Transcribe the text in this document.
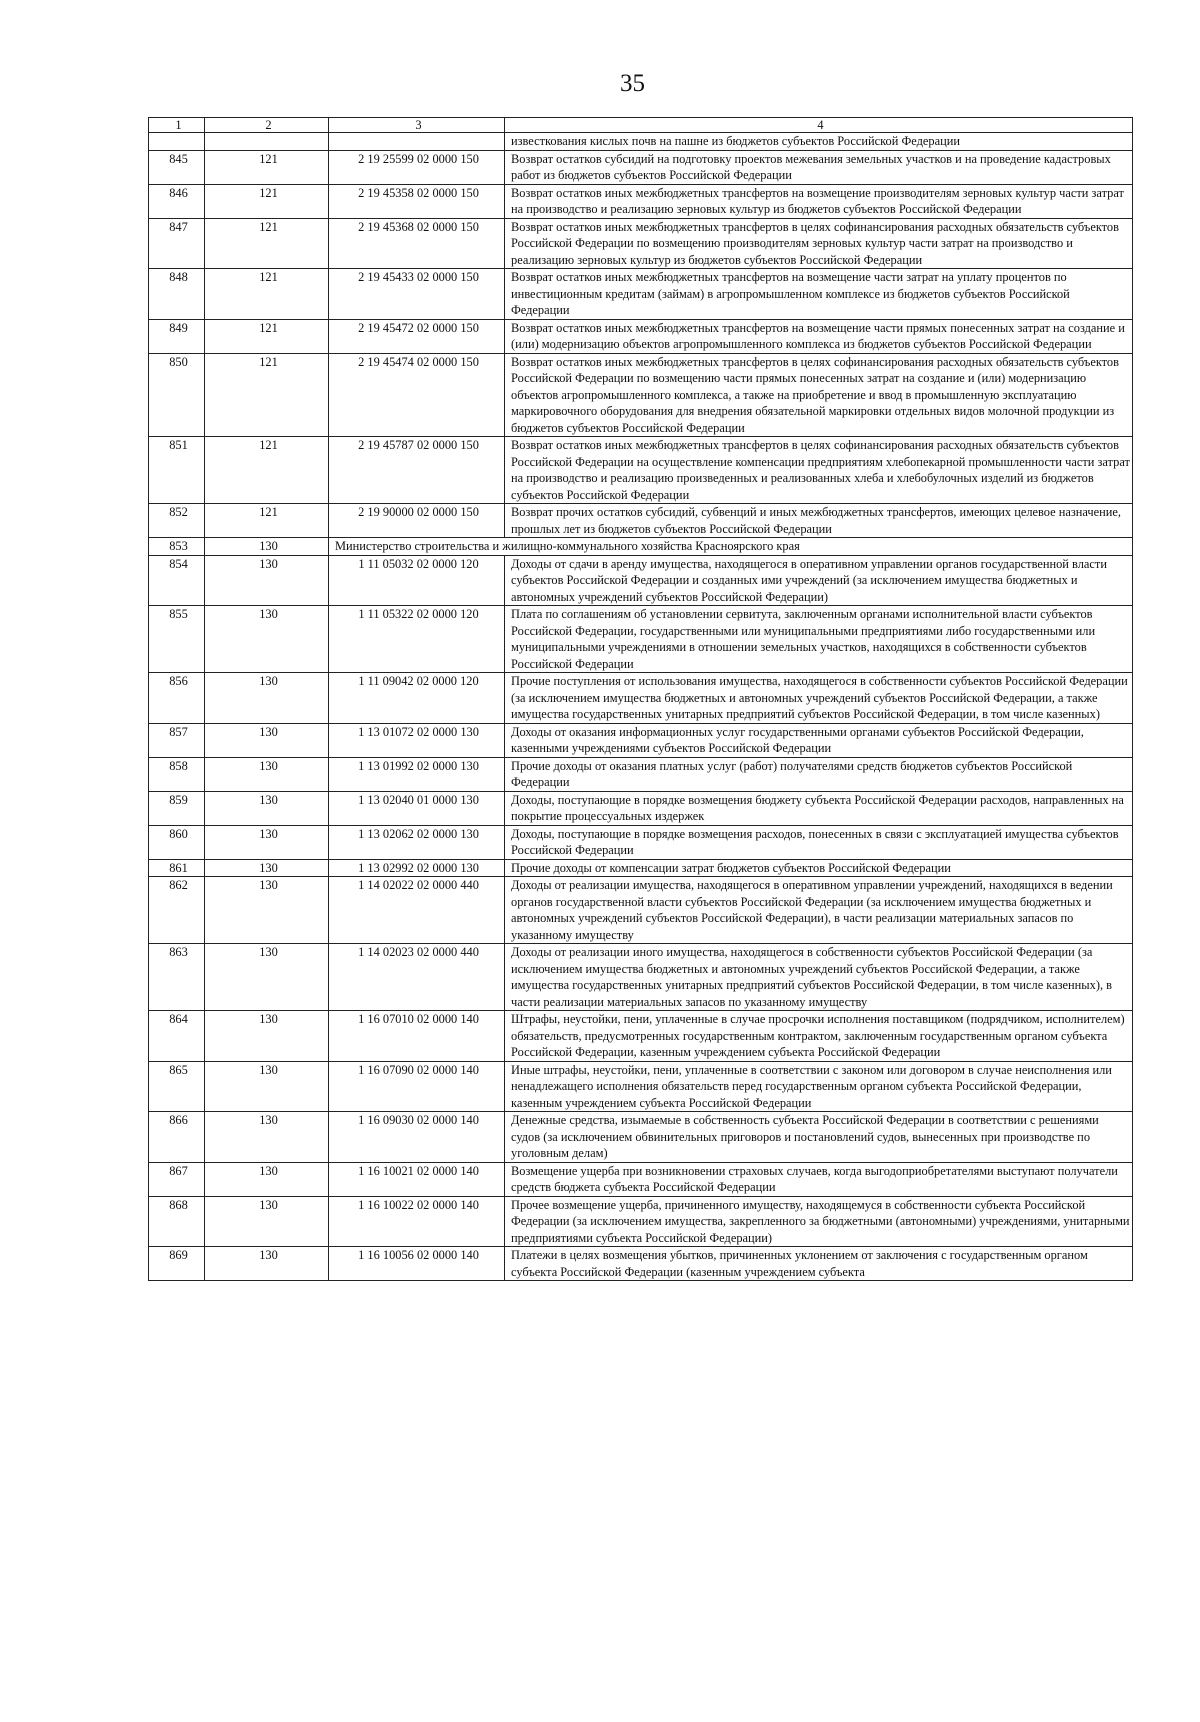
35
1	2	3	4
			известкования кислых почв на пашне из бюджетов субъектов Российской Федерации
845	121	2 19 25599 02 0000 150	Возврат остатков субсидий на подготовку проектов межевания земельных участков и на проведение кадастровых работ из бюджетов субъектов Российской Федерации
846	121	2 19 45358 02 0000 150	Возврат остатков иных межбюджетных трансфертов на возмещение производителям зерновых культур части затрат на производство и реализацию зерновых культур из бюджетов субъектов Российской Федерации
847	121	2 19 45368 02 0000 150	Возврат остатков иных межбюджетных трансфертов в целях софинансирования расходных обязательств субъектов Российской Федерации по возмещению производителям зерновых культур части затрат на производство и реализацию зерновых культур из бюджетов субъектов Российской Федерации
848	121	2 19 45433 02 0000 150	Возврат остатков иных межбюджетных трансфертов на возмещение части затрат на уплату процентов по инвестиционным кредитам (займам) в агропромышленном комплексе из бюджетов субъектов Российской Федерации
849	121	2 19 45472 02 0000 150	Возврат остатков иных межбюджетных трансфертов на возмещение части прямых понесенных затрат на создание и (или) модернизацию объектов агропромышленного комплекса из бюджетов субъектов Российской Федерации
850	121	2 19 45474 02 0000 150	Возврат остатков иных межбюджетных трансфертов в целях софинансирования расходных обязательств субъектов Российской Федерации по возмещению части прямых понесенных затрат на создание и (или) модернизацию объектов агропромышленного комплекса, а также на приобретение и ввод в промышленную эксплуатацию маркировочного оборудования для внедрения обязательной маркировки отдельных видов молочной продукции из бюджетов субъектов Российской Федерации
851	121	2 19 45787 02 0000 150	Возврат остатков иных межбюджетных трансфертов в целях софинансирования расходных обязательств субъектов Российской Федерации на осуществление компенсации предприятиям хлебопекарной промышленности части затрат на производство и реализацию произведенных и реализованных хлеба и хлебобулочных изделий из бюджетов субъектов Российской Федерации
852	121	2 19 90000 02 0000 150	Возврат прочих остатков субсидий, субвенций и иных межбюджетных трансфертов, имеющих целевое назначение, прошлых лет из бюджетов субъектов Российской Федерации
853	130	Министерство строительства и жилищно-коммунального хозяйства Красноярского края	
854	130	1 11 05032 02 0000 120	Доходы от сдачи в аренду имущества, находящегося в оперативном управлении органов государственной власти субъектов Российской Федерации и созданных ими учреждений (за исключением имущества бюджетных и автономных учреждений субъектов Российской Федерации)
855	130	1 11 05322 02 0000 120	Плата по соглашениям об установлении сервитута, заключенным органами исполнительной власти субъектов Российской Федерации, государственными или муниципальными предприятиями либо государственными или муниципальными учреждениями в отношении земельных участков, находящихся в собственности субъектов Российской Федерации
856	130	1 11 09042 02 0000 120	Прочие поступления от использования имущества, находящегося в собственности субъектов Российской Федерации (за исключением имущества бюджетных и автономных учреждений субъектов Российской Федерации, а также имущества государственных унитарных предприятий субъектов Российской Федерации, в том числе казенных)
857	130	1 13 01072 02 0000 130	Доходы от оказания информационных услуг государственными органами субъектов Российской Федерации, казенными учреждениями субъектов Российской Федерации
858	130	1 13 01992 02 0000 130	Прочие доходы от оказания платных услуг (работ) получателями средств бюджетов субъектов Российской Федерации
859	130	1 13 02040 01 0000 130	Доходы, поступающие в порядке возмещения бюджету субъекта Российской Федерации расходов, направленных на покрытие процессуальных издержек
860	130	1 13 02062 02 0000 130	Доходы, поступающие в порядке возмещения расходов, понесенных в связи с эксплуатацией имущества субъектов Российской Федерации
861	130	1 13 02992 02 0000 130	Прочие доходы от компенсации затрат бюджетов субъектов Российской Федерации
862	130	1 14 02022 02 0000 440	Доходы от реализации имущества, находящегося в оперативном управлении учреждений, находящихся в ведении органов государственной власти субъектов Российской Федерации (за исключением имущества бюджетных и автономных учреждений субъектов Российской Федерации), в части реализации материальных запасов по указанному имуществу
863	130	1 14 02023 02 0000 440	Доходы от реализации иного имущества, находящегося в собственности субъектов Российской Федерации (за исключением имущества бюджетных и автономных учреждений субъектов Российской Федерации, а также имущества государственных унитарных предприятий субъектов Российской Федерации, в том числе казенных), в части реализации материальных запасов по указанному имуществу
864	130	1 16 07010 02 0000 140	Штрафы, неустойки, пени, уплаченные в случае просрочки исполнения поставщиком (подрядчиком, исполнителем) обязательств, предусмотренных государственным контрактом, заключенным государственным органом субъекта Российской Федерации, казенным учреждением субъекта Российской Федерации
865	130	1 16 07090 02 0000 140	Иные штрафы, неустойки, пени, уплаченные в соответствии с законом или договором в случае неисполнения или ненадлежащего исполнения обязательств перед государственным органом субъекта Российской Федерации, казенным учреждением субъекта Российской Федерации
866	130	1 16 09030 02 0000 140	Денежные средства, изымаемые в собственность субъекта Российской Федерации в соответствии с решениями судов (за исключением обвинительных приговоров и постановлений судов, вынесенных при производстве по уголовным делам)
867	130	1 16 10021 02 0000 140	Возмещение ущерба при возникновении страховых случаев, когда выгодоприобретателями выступают получатели средств бюджета субъекта Российской Федерации
868	130	1 16 10022 02 0000 140	Прочее возмещение ущерба, причиненного имуществу, находящемуся в собственности субъекта Российской Федерации (за исключением имущества, закрепленного за бюджетными (автономными) учреждениями, унитарными предприятиями субъекта Российской Федерации)
869	130	1 16 10056 02 0000 140	Платежи в целях возмещения убытков, причиненных уклонением от заключения с государственным органом субъекта Российской Федерации (казенным учреждением субъекта
